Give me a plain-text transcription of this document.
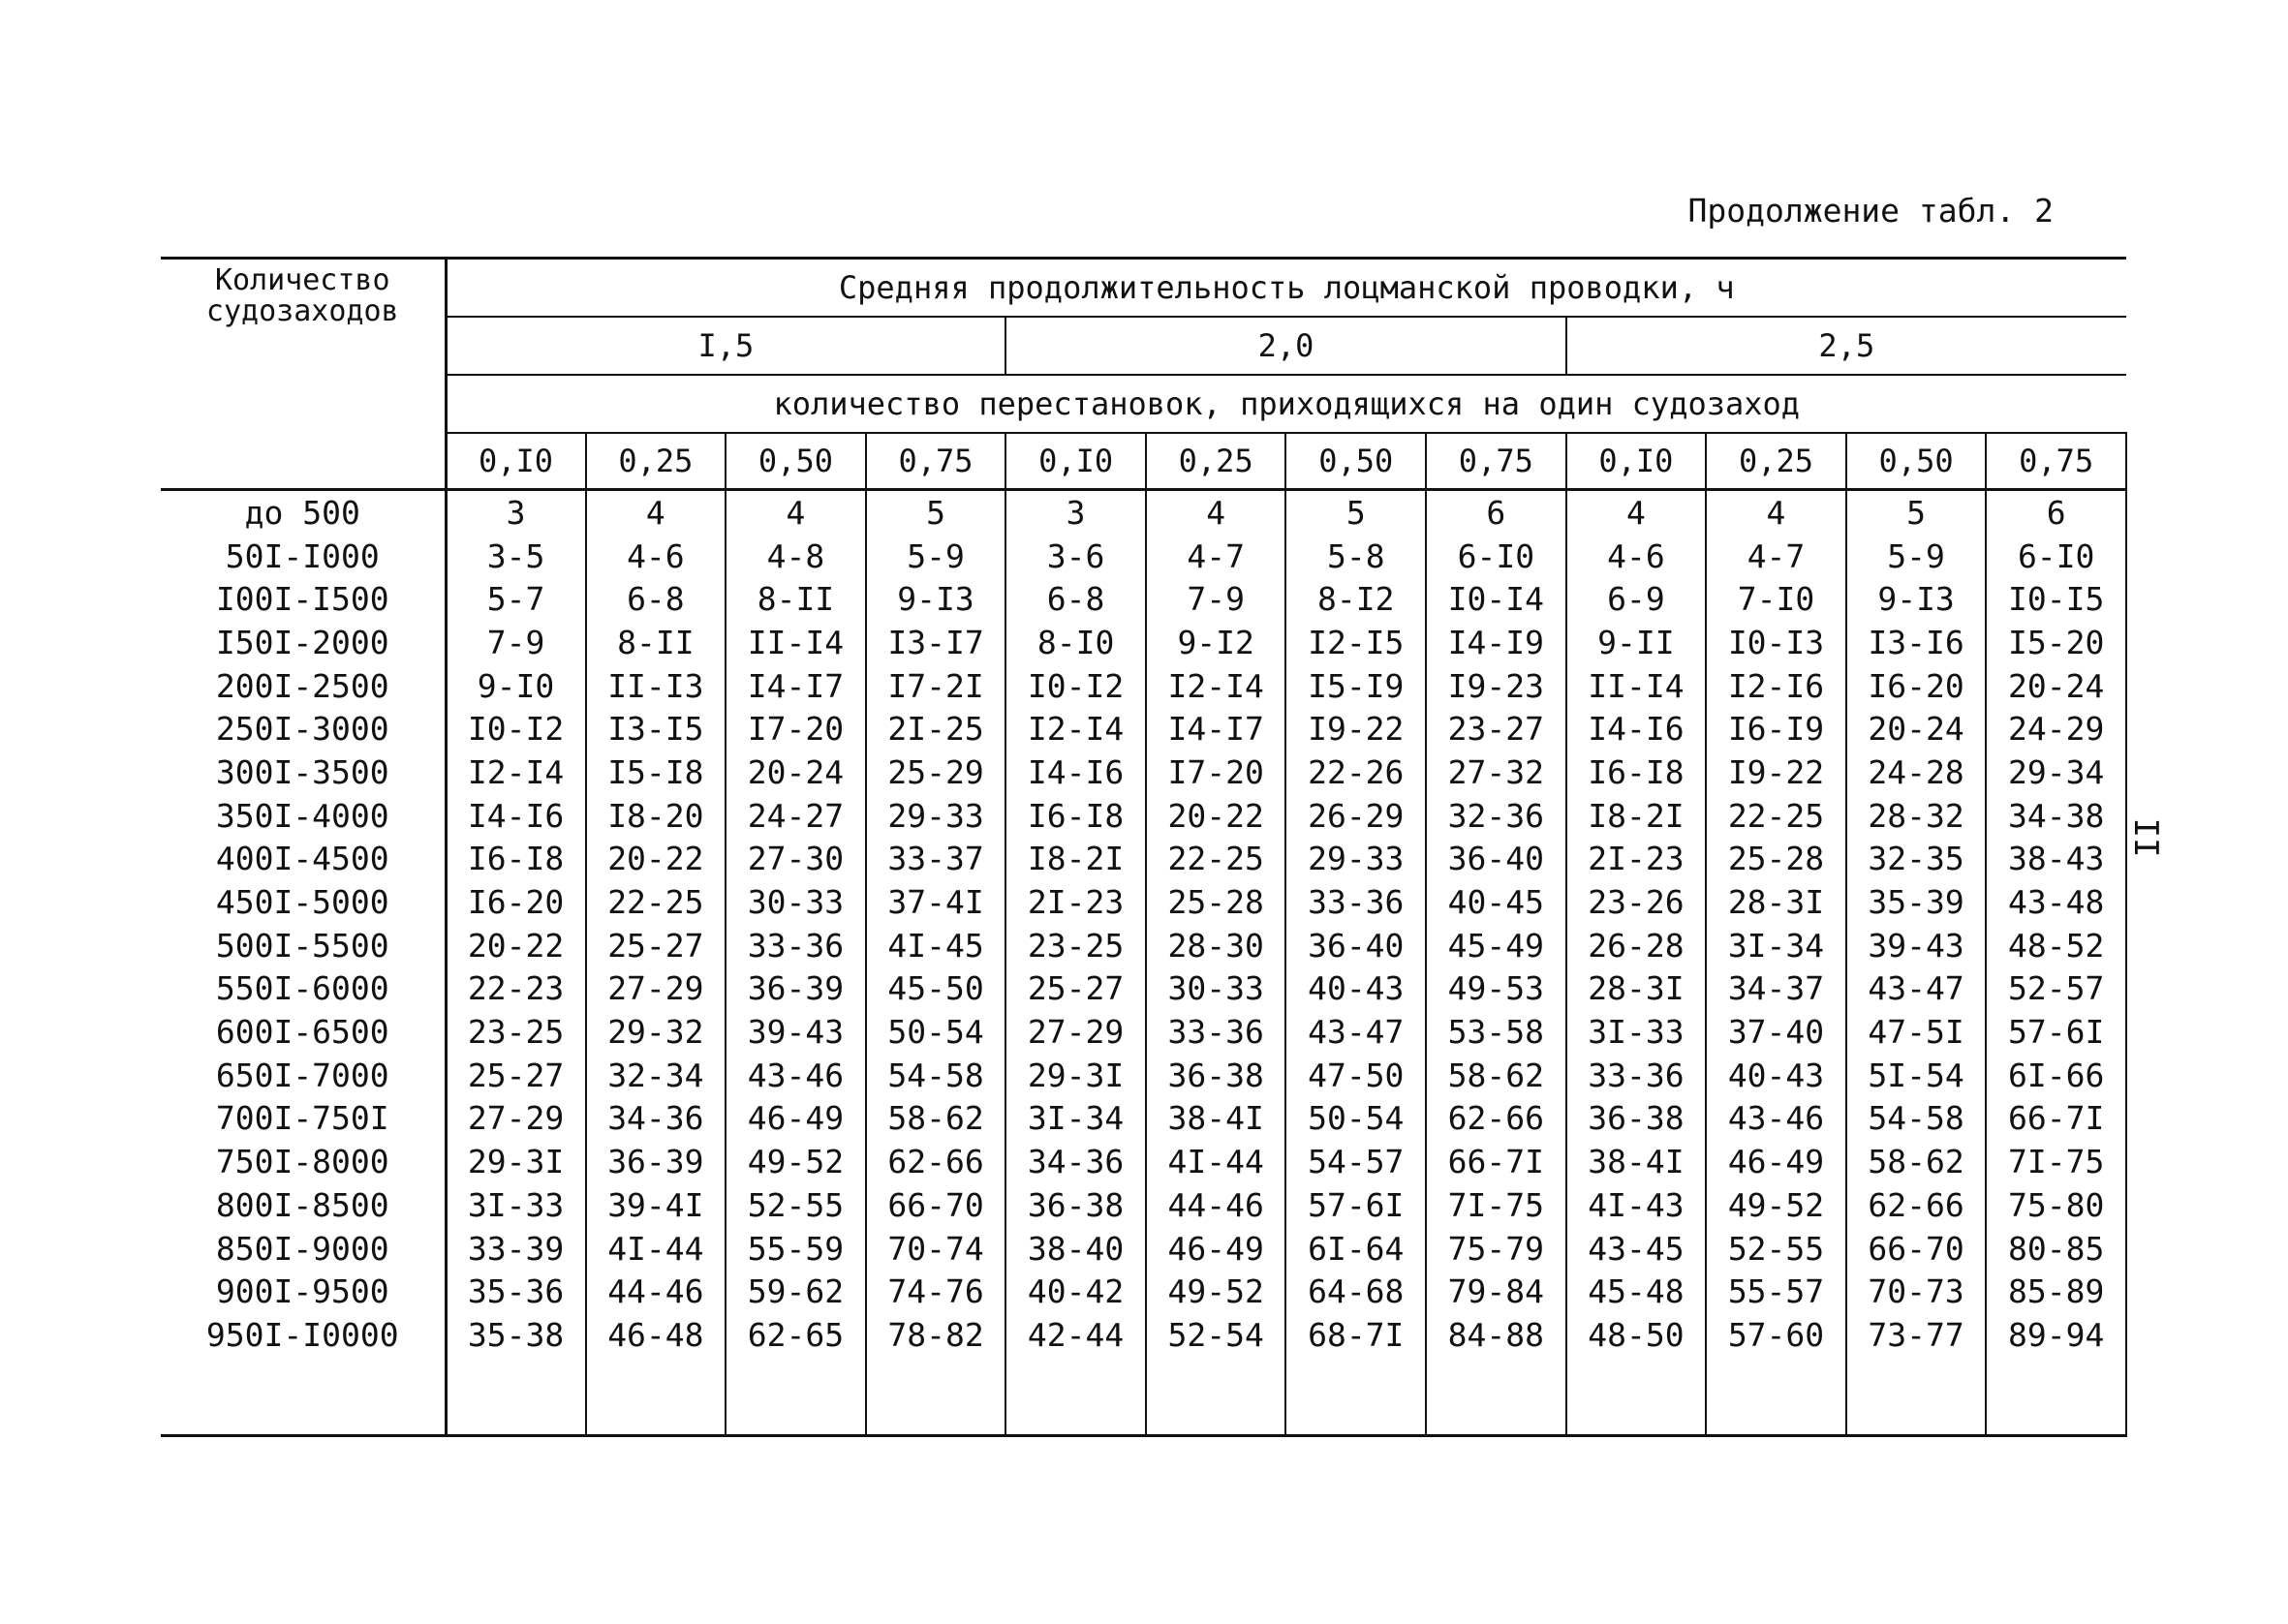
Продолжение табл. 2
II
Количество судозаходов	Средняя продолжительность лоцманской проводки, ч											
	I,5				2,0				2,5			
	количество перестановок, приходящихся на один судозаход											
	0,I0	0,25	0,50	0,75	0,I0	0,25	0,50	0,75	0,I0	0,25	0,50	0,75
до 500	3	4	4	5	3	4	5	6	4	4	5	6
50I-I000	3-5	4-6	4-8	5-9	3-6	4-7	5-8	6-I0	4-6	4-7	5-9	6-I0
I00I-I500	5-7	6-8	8-II	9-I3	6-8	7-9	8-I2	I0-I4	6-9	7-I0	9-I3	I0-I5
I50I-2000	7-9	8-II	II-I4	I3-I7	8-I0	9-I2	I2-I5	I4-I9	9-II	I0-I3	I3-I6	I5-20
200I-2500	9-I0	II-I3	I4-I7	I7-2I	I0-I2	I2-I4	I5-I9	I9-23	II-I4	I2-I6	I6-20	20-24
250I-3000	I0-I2	I3-I5	I7-20	2I-25	I2-I4	I4-I7	I9-22	23-27	I4-I6	I6-I9	20-24	24-29
300I-3500	I2-I4	I5-I8	20-24	25-29	I4-I6	I7-20	22-26	27-32	I6-I8	I9-22	24-28	29-34
350I-4000	I4-I6	I8-20	24-27	29-33	I6-I8	20-22	26-29	32-36	I8-2I	22-25	28-32	34-38
400I-4500	I6-I8	20-22	27-30	33-37	I8-2I	22-25	29-33	36-40	2I-23	25-28	32-35	38-43
450I-5000	I6-20	22-25	30-33	37-4I	2I-23	25-28	33-36	40-45	23-26	28-3I	35-39	43-48
500I-5500	20-22	25-27	33-36	4I-45	23-25	28-30	36-40	45-49	26-28	3I-34	39-43	48-52
550I-6000	22-23	27-29	36-39	45-50	25-27	30-33	40-43	49-53	28-3I	34-37	43-47	52-57
600I-6500	23-25	29-32	39-43	50-54	27-29	33-36	43-47	53-58	3I-33	37-40	47-5I	57-6I
650I-7000	25-27	32-34	43-46	54-58	29-3I	36-38	47-50	58-62	33-36	40-43	5I-54	6I-66
700I-750I	27-29	34-36	46-49	58-62	3I-34	38-4I	50-54	62-66	36-38	43-46	54-58	66-7I
750I-8000	29-3I	36-39	49-52	62-66	34-36	4I-44	54-57	66-7I	38-4I	46-49	58-62	7I-75
800I-8500	3I-33	39-4I	52-55	66-70	36-38	44-46	57-6I	7I-75	4I-43	49-52	62-66	75-80
850I-9000	33-39	4I-44	55-59	70-74	38-40	46-49	6I-64	75-79	43-45	52-55	66-70	80-85
900I-9500	35-36	44-46	59-62	74-76	40-42	49-52	64-68	79-84	45-48	55-57	70-73	85-89
950I-I0000	35-38	46-48	62-65	78-82	42-44	52-54	68-7I	84-88	48-50	57-60	73-77	89-94
